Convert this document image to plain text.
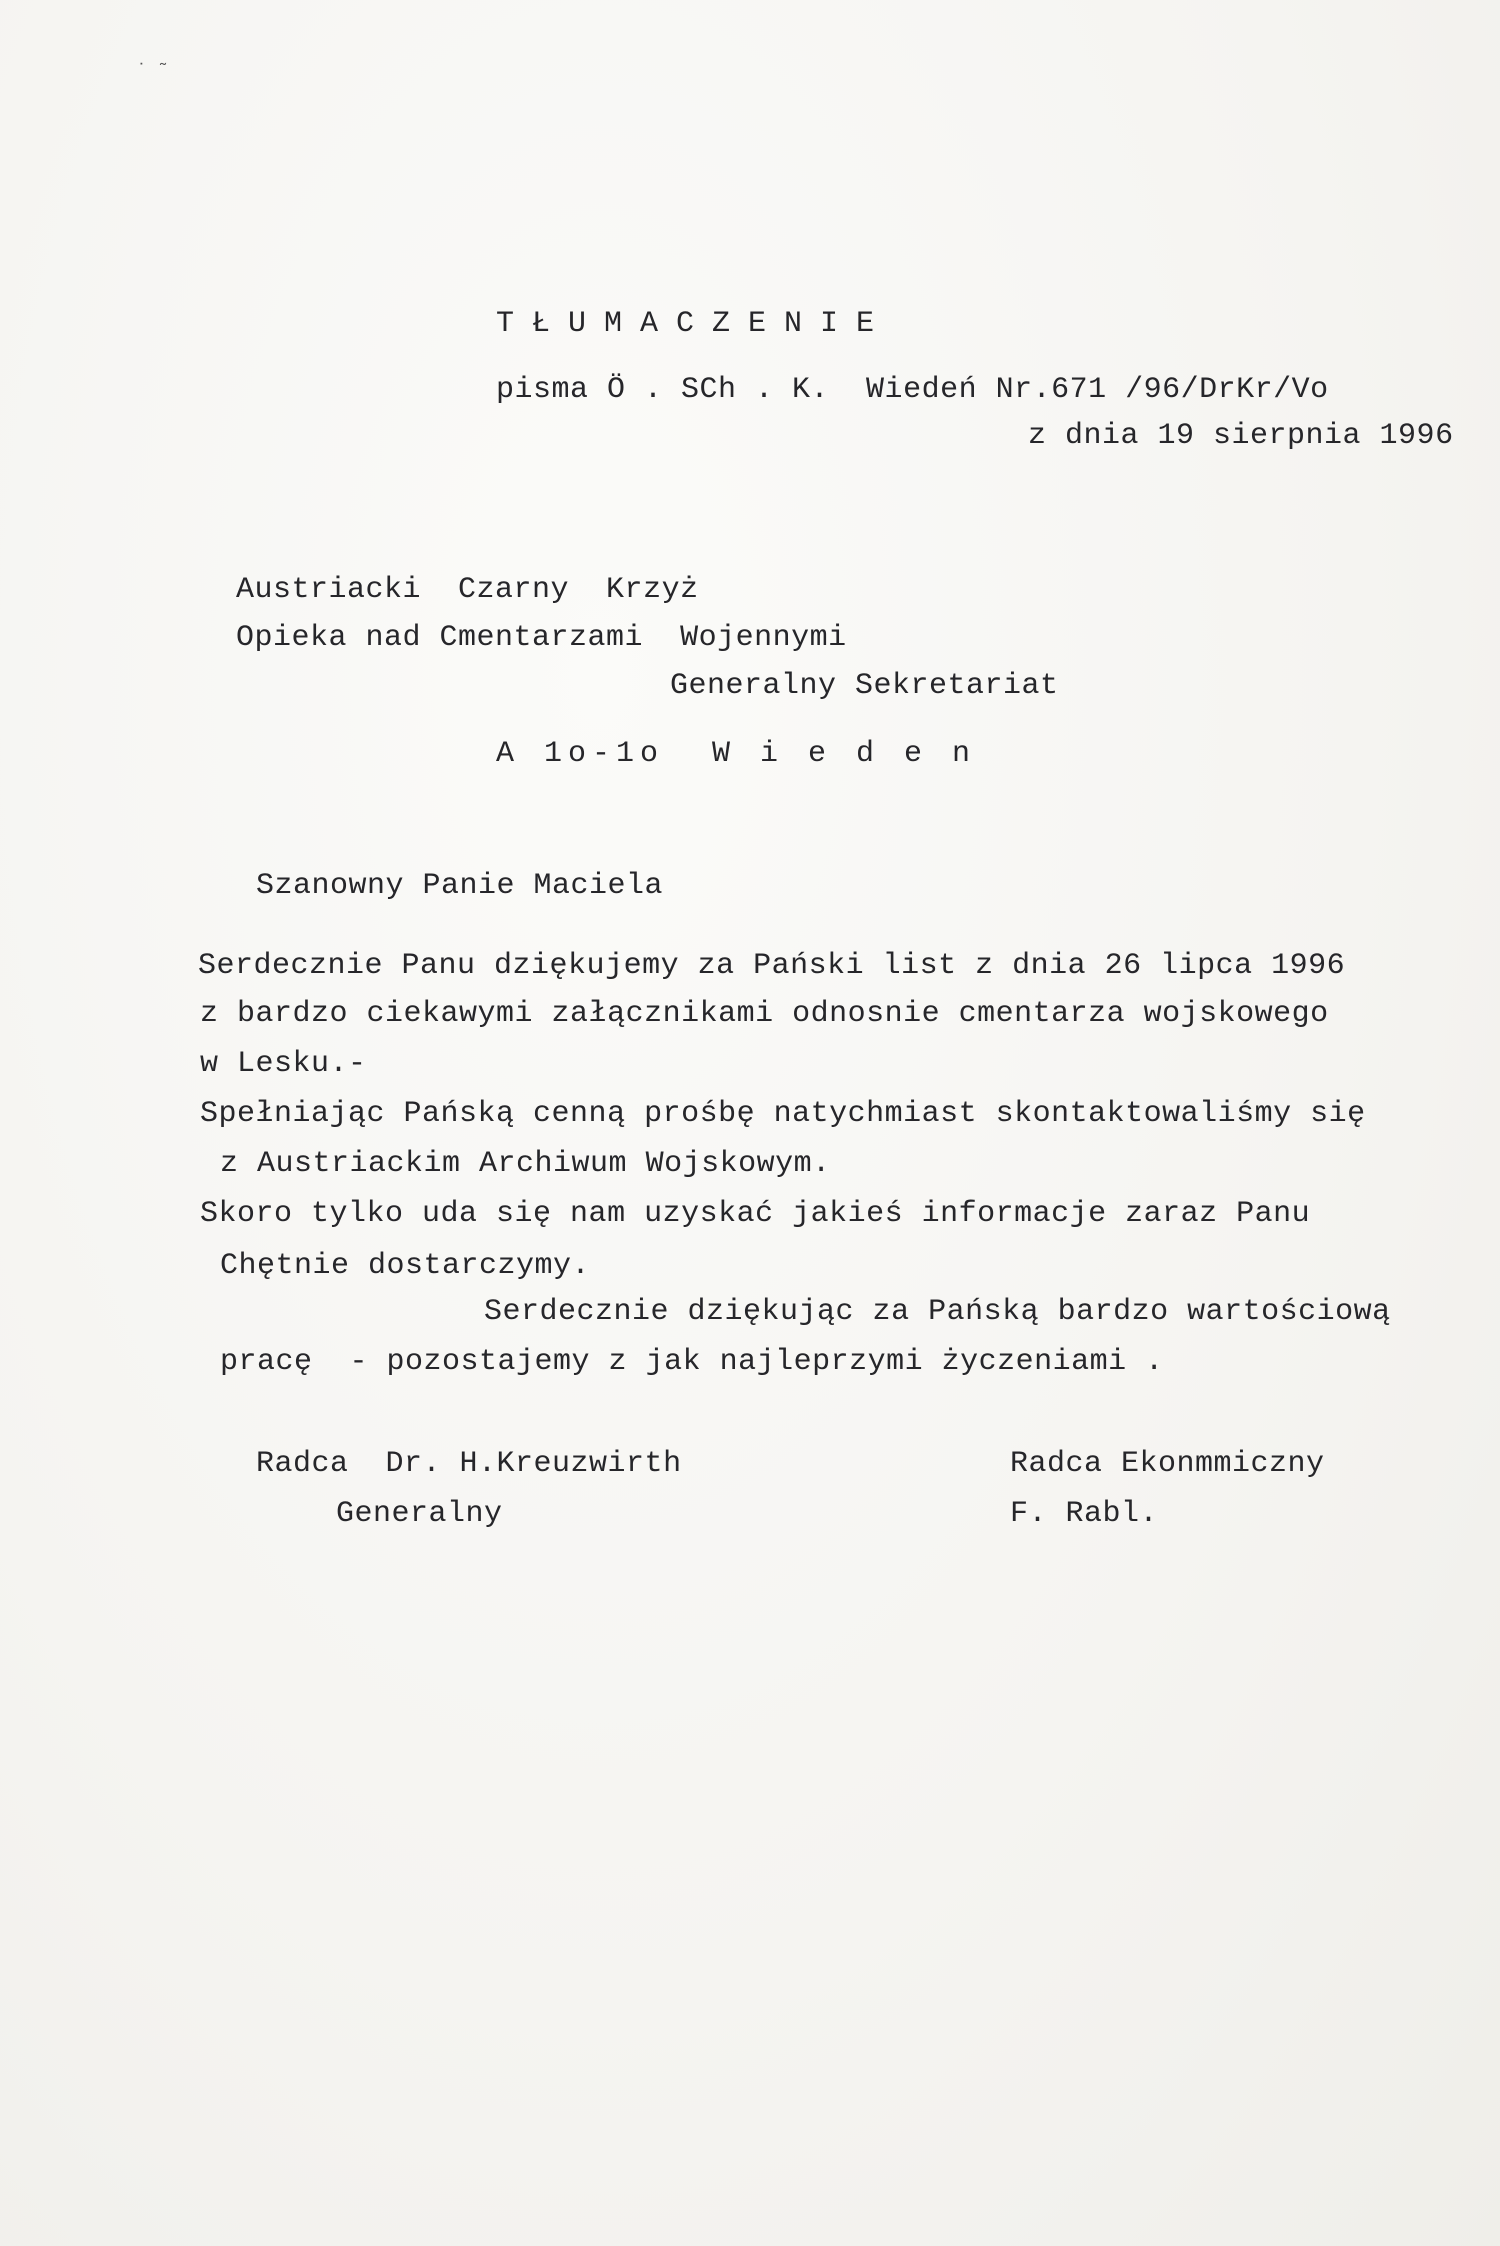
˙ ˜
TŁUMACZENIE
pisma Ö . SCh . K.  Wiedeń Nr.671 /96/DrKr/Vo
z dnia 19 sierpnia 1996
Austriacki  Czarny  Krzyż
Opieka nad Cmentarzami  Wojennymi
Generalny Sekretariat
A 1o-1o  W i e d e n
Szanowny Panie Maciela
Serdecznie Panu dziękujemy za Pański list z dnia 26 lipca 1996
z bardzo ciekawymi załącznikami odnosnie cmentarza wojskowego
w Lesku.-
Spełniając Pańską cenną prośbę natychmiast skontaktowaliśmy się
z Austriackim Archiwum Wojskowym.
Skoro tylko uda się nam uzyskać jakieś informacje zaraz Panu
Chętnie dostarczymy.
Serdecznie dziękując za Pańską bardzo wartościową
pracę  - pozostajemy z jak najleprzymi życzeniami .
Radca  Dr. H.Kreuzwirth
Generalny
Radca Ekonmmiczny
F. Rabl.
